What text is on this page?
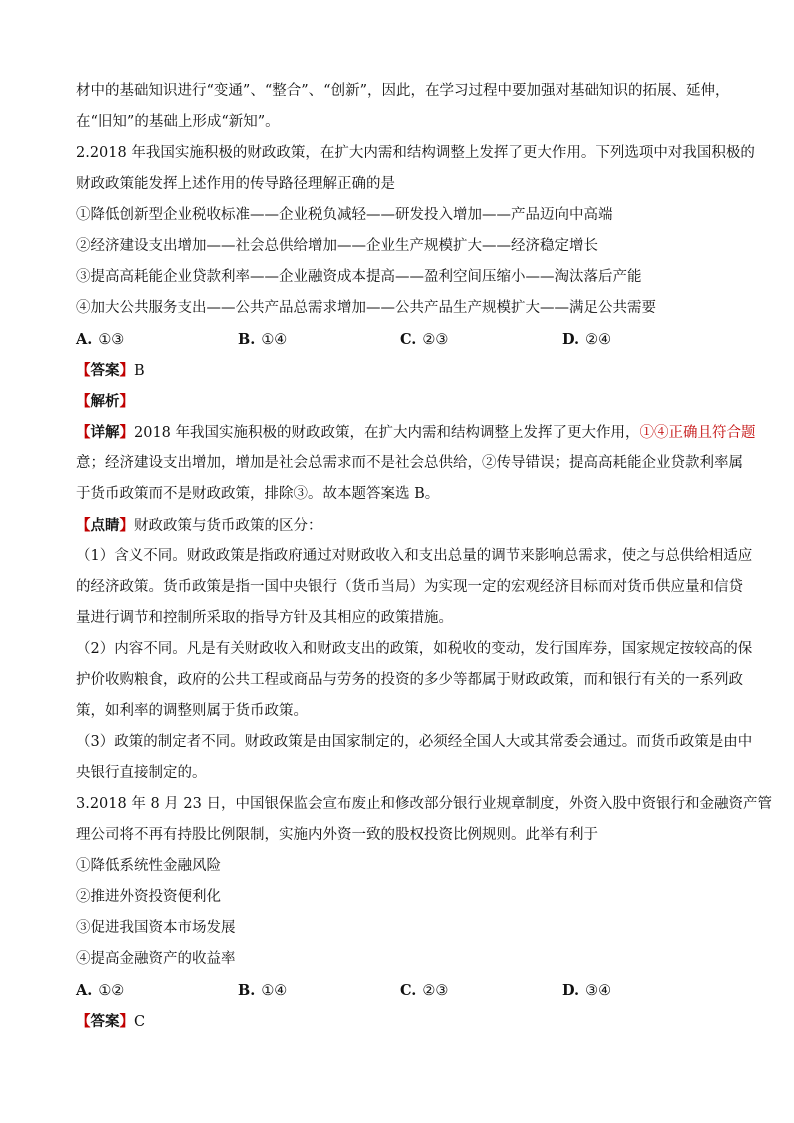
材中的基础知识进行“变通”、“整合”、“创新”，因此，在学习过程中要加强对基础知识的拓展、延伸，
在“旧知”的基础上形成“新知”。
2.2018 年我国实施积极的财政政策，在扩大内需和结构调整上发挥了更大作用。下列选项中对我国积极的
财政政策能发挥上述作用的传导路径理解正确的是
①降低创新型企业税收标准——企业税负减轻——研发投入增加——产品迈向中高端
②经济建设支出增加——社会总供给增加——企业生产规模扩大——经济稳定增长
③提高高耗能企业贷款利率——企业融资成本提高——盈利空间压缩小——淘汰落后产能
④加大公共服务支出——公共产品总需求增加——公共产品生产规模扩大——满足公共需要
A. ①③	B. ①④	C. ②③	D. ②④
【答案】B
【解析】
【详解】2018 年我国实施积极的财政政策，在扩大内需和结构调整上发挥了更大作用，①④正确且符合题
意；经济建设支出增加，增加是社会总需求而不是社会总供给，②传导错误；提高高耗能企业贷款利率属
于货币政策而不是财政政策，排除③。故本题答案选 B。
【点睛】财政政策与货币政策的区分：
（1）含义不同。财政政策是指政府通过对财政收入和支出总量的调节来影响总需求，使之与总供给相适应
的经济政策。货币政策是指一国中央银行（货币当局）为实现一定的宏观经济目标而对货币供应量和信贷
量进行调节和控制所采取的指导方针及其相应的政策措施。
（2）内容不同。凡是有关财政收入和财政支出的政策，如税收的变动，发行国库券，国家规定按较高的保
护价收购粮食，政府的公共工程或商品与劳务的投资的多少等都属于财政政策，而和银行有关的一系列政
策，如利率的调整则属于货币政策。
（3）政策的制定者不同。财政政策是由国家制定的，必须经全国人大或其常委会通过。而货币政策是由中
央银行直接制定的。
3.2018 年 8 月 23 日，中国银保监会宣布废止和修改部分银行业规章制度，外资入股中资银行和金融资产管
理公司将不再有持股比例限制，实施内外资一致的股权投资比例规则。此举有利于
①降低系统性金融风险
②推进外资投资便利化
③促进我国资本市场发展
④提高金融资产的收益率
A. ①②	B. ①④	C. ②③	D. ③④
【答案】C
